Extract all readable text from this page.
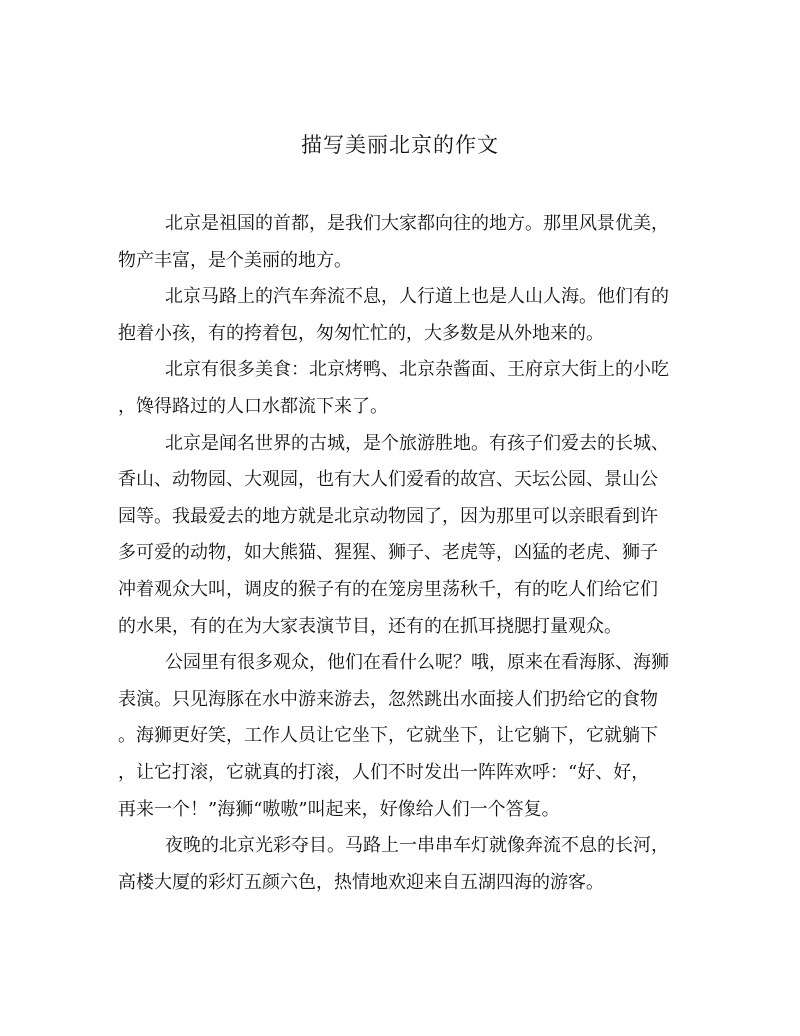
描写美丽北京的作文
北京是祖国的首都，是我们大家都向往的地方。那里风景优美，
物产丰富，是个美丽的地方。
北京马路上的汽车奔流不息，人行道上也是人山人海。他们有的
抱着小孩，有的挎着包，匆匆忙忙的，大多数是从外地来的。
北京有很多美食：北京烤鸭、北京杂酱面、王府京大街上的小吃
，馋得路过的人口水都流下来了。
北京是闻名世界的古城，是个旅游胜地。有孩子们爱去的长城、
香山、动物园、大观园，也有大人们爱看的故宫、天坛公园、景山公
园等。我最爱去的地方就是北京动物园了，因为那里可以亲眼看到许
多可爱的动物，如大熊猫、猩猩、狮子、老虎等，凶猛的老虎、狮子
冲着观众大叫，调皮的猴子有的在笼房里荡秋千，有的吃人们给它们
的水果，有的在为大家表演节目，还有的在抓耳挠腮打量观众。
公园里有很多观众，他们在看什么呢？哦，原来在看海豚、海狮
表演。只见海豚在水中游来游去，忽然跳出水面接人们扔给它的食物
。海狮更好笑，工作人员让它坐下，它就坐下，让它躺下，它就躺下
，让它打滚，它就真的打滚，人们不时发出一阵阵欢呼：“好、好，
再来一个！”海狮“嗷嗷”叫起来，好像给人们一个答复。
夜晚的北京光彩夺目。马路上一串串车灯就像奔流不息的长河，
高楼大厦的彩灯五颜六色，热情地欢迎来自五湖四海的游客。
